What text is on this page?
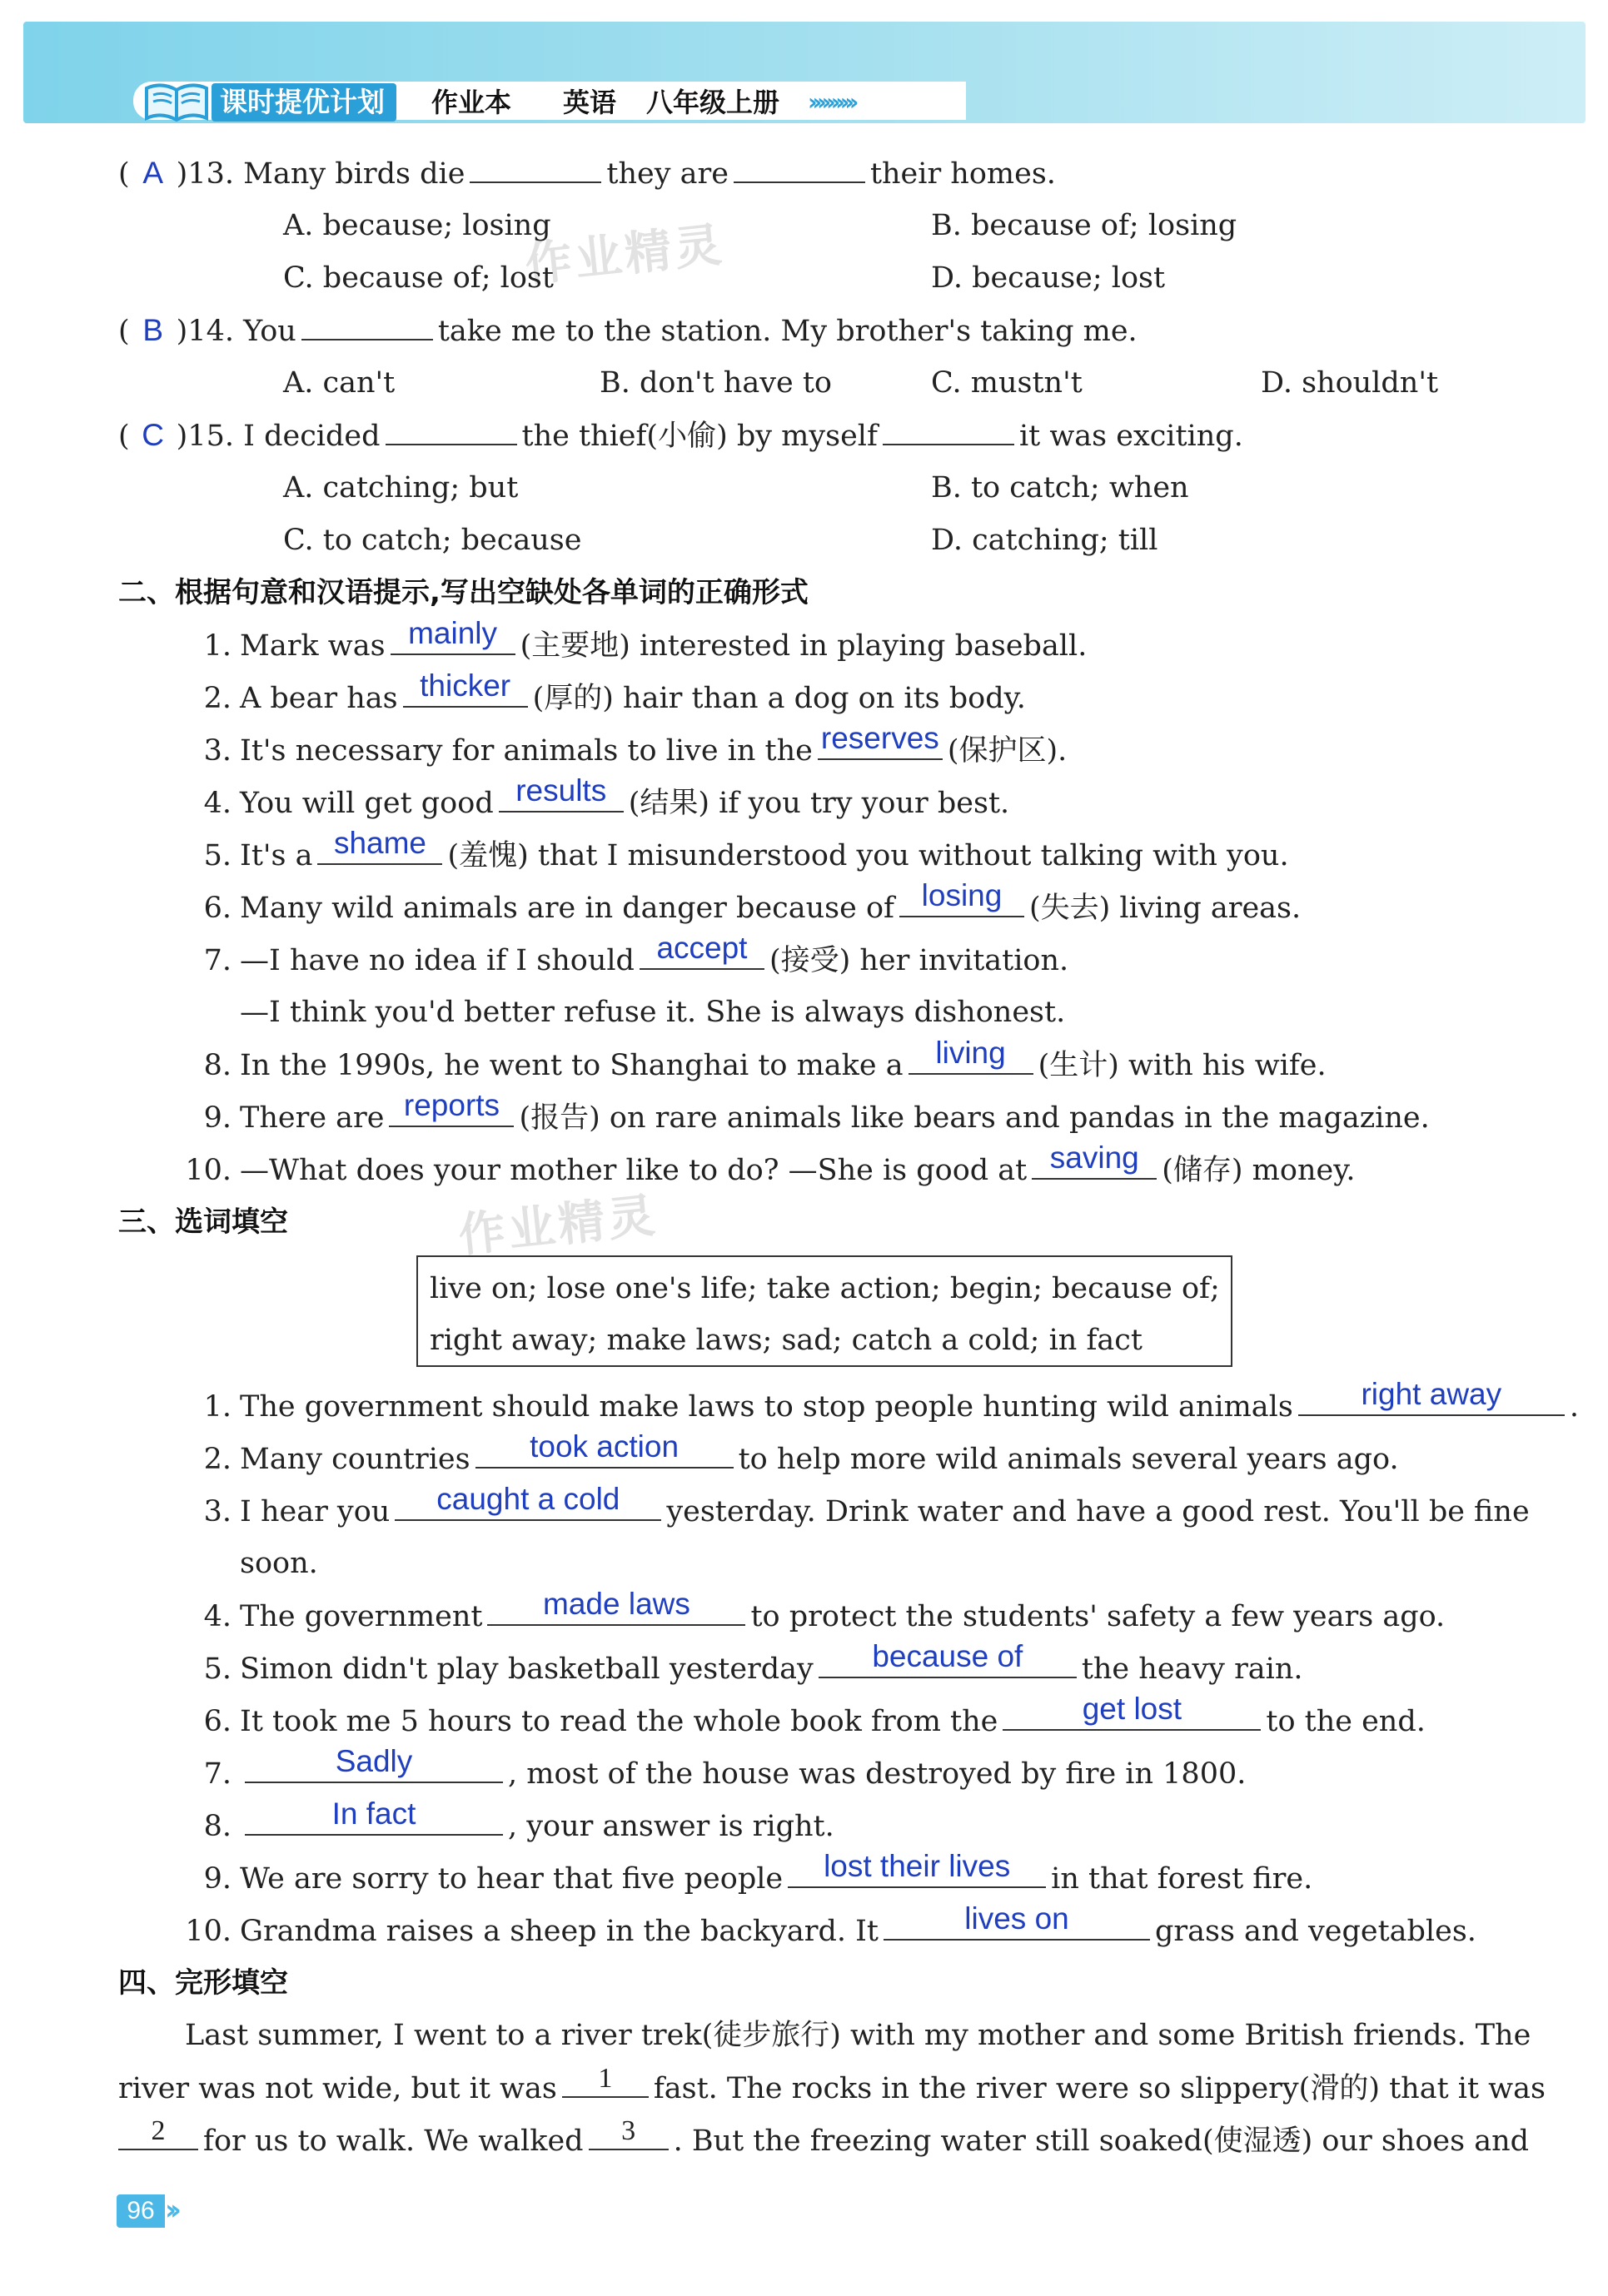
课时提优计划	作业本 英语 八年级上册 ››››››››››
作业精灵
作业精灵
( A )13. Many birds die	they are	their homes.
A. because; losing	B. because of; losing
C. because of; lost	D. because; lost
( B )14. You	take me to the station. My brother's taking me.
A. can't	B. don't have to	C. mustn't	D. shouldn't
( C )15. I decided	the thief(小偷) by myself	it was exciting.
A. catching; but	B. to catch; when
C. to catch; because	D. catching; till
二、根据句意和汉语提示,写出空缺处各单词的正确形式
1. Mark was mainly (主要地) interested in playing baseball.
2. A bear has thicker (厚的) hair than a dog on its body.
3. It's necessary for animals to live in the reserves (保护区).
4. You will get good results (结果) if you try your best.
5. It's a shame (羞愧) that I misunderstood you without talking with you.
6. Many wild animals are in danger because of losing (失去) living areas.
7. —I have no idea if I should accept (接受) her invitation.
—I think you'd better refuse it. She is always dishonest.
8. In the 1990s, he went to Shanghai to make a	living	(生计) with his wife.
9. There are reports (报告) on rare animals like bears and pandas in the magazine.
10. —What does your mother like to do? —She is good at saving (储存) money.
三、选词填空
live on; lose one's life; take action; begin; because of;
right away; make laws; sad; catch a cold; in fact
1. The government should make laws to stop people hunting wild animals	right away	.
2. Many countries	took action	to help more wild animals several years ago.
3. I hear you	caught a cold	yesterday. Drink water and have a good rest. You'll be fine
soon.
4. The government	made laws	to protect the students' safety a few years ago.
5. Simon didn't play basketball yesterday	because of	the heavy rain.
6. It took me 5 hours to read the whole book from the	get lost	to the end.
7.	Sadly	, most of the house was destroyed by fire in 1800.
8.	In fact	, your answer is right.
9. We are sorry to hear that five people	lost their lives	in that forest fire.
10. Grandma raises a sheep in the backyard. It	lives on	grass and vegetables.
四、完形填空
Last summer, I went to a river trek(徒步旅行) with my mother and some British friends. The
river was not wide, but it was	1	fast. The rocks in the river were so slippery(滑的) that it was
2	for us to walk. We walked	3	. But the freezing water still soaked(使湿透) our shoes and
96 ››
